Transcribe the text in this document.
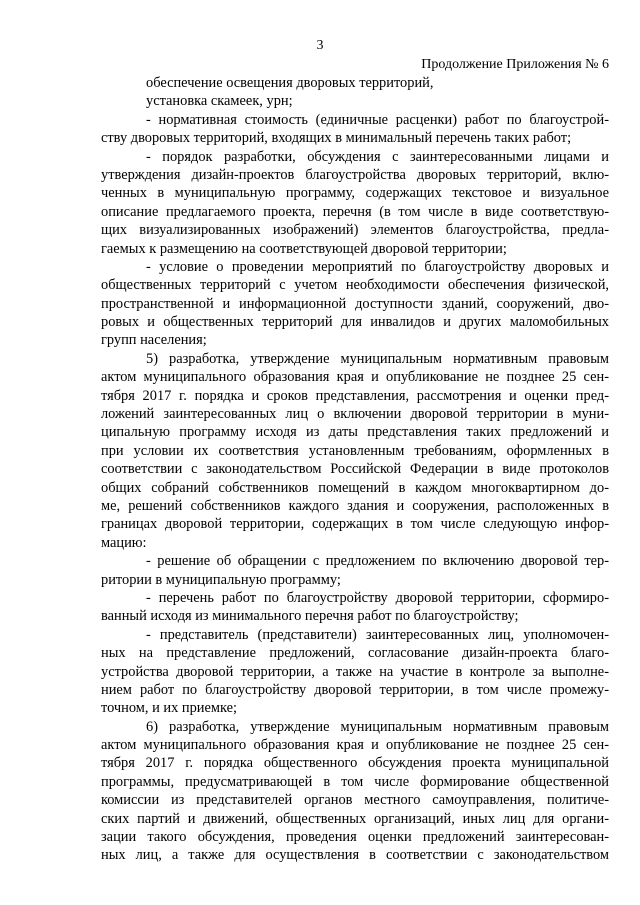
3
Продолжение Приложения № 6
обеспечение освещения дворовых территорий,
установка скамеек, урн;
- нормативная стоимость (единичные расценки) работ по благоустрой-
ству дворовых территорий, входящих в минимальный перечень таких работ;
- порядок разработки, обсуждения с заинтересованными лицами и
утверждения дизайн-проектов благоустройства дворовых территорий, вклю-
ченных в муниципальную программу, содержащих текстовое и визуальное
описание предлагаемого проекта, перечня (в том числе в виде соответствую-
щих визуализированных изображений) элементов благоустройства, предла-
гаемых к размещению на соответствующей дворовой территории;
- условие о проведении мероприятий по благоустройству дворовых и
общественных территорий с учетом необходимости обеспечения физической,
пространственной и информационной доступности зданий, сооружений, дво-
ровых и общественных территорий для инвалидов и других маломобильных
групп населения;
5) разработка, утверждение муниципальным нормативным правовым
актом муниципального образования края и опубликование не позднее 25 сен-
тября 2017 г. порядка и сроков представления, рассмотрения и оценки пред-
ложений заинтересованных лиц о включении дворовой территории в муни-
ципальную программу исходя из даты представления таких предложений и
при условии их соответствия установленным требованиям, оформленных в
соответствии с законодательством Российской Федерации в виде протоколов
общих собраний собственников помещений в каждом многоквартирном до-
ме, решений собственников каждого здания и сооружения, расположенных в
границах дворовой территории, содержащих в том числе следующую инфор-
мацию:
- решение об обращении с предложением по включению дворовой тер-
ритории в муниципальную программу;
- перечень работ по благоустройству дворовой территории, сформиро-
ванный исходя из минимального перечня работ по благоустройству;
- представитель (представители) заинтересованных лиц, уполномочен-
ных на представление предложений, согласование дизайн-проекта благо-
устройства дворовой территории, а также на участие в контроле за выполне-
нием работ по благоустройству дворовой территории, в том числе промежу-
точном, и их приемке;
6) разработка, утверждение муниципальным нормативным правовым
актом муниципального образования края и опубликование не позднее 25 сен-
тября 2017 г. порядка общественного обсуждения проекта муниципальной
программы, предусматривающей в том числе формирование общественной
комиссии из представителей органов местного самоуправления, политиче-
ских партий и движений, общественных организаций, иных лиц для органи-
зации такого обсуждения, проведения оценки предложений заинтересован-
ных лиц, а также для осуществления в соответствии с законодательством
